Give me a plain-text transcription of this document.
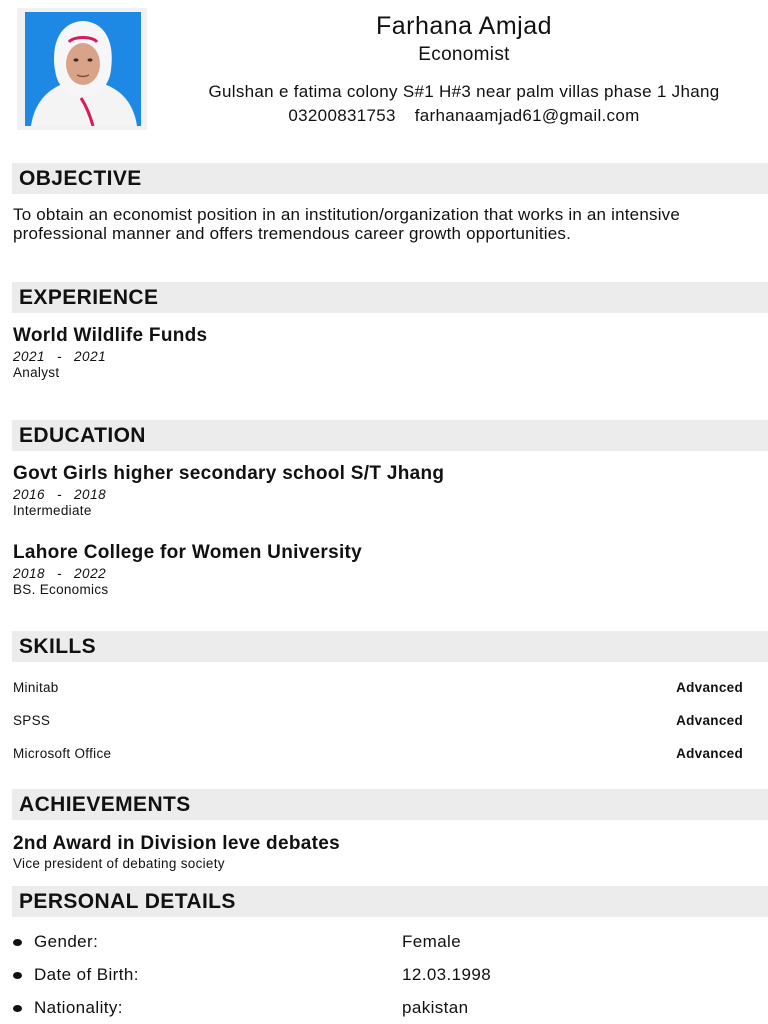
Farhana Amjad
Economist
Gulshan e fatima colony S#1 H#3 near palm villas phase 1 Jhang
03200831753 farhanaamjad61@gmail.com
OBJECTIVE
To obtain an economist position in an institution/organization that works in an intensive professional manner and offers tremendous career growth opportunities.
EXPERIENCE
World Wildlife Funds
2021 - 2021
Analyst
EDUCATION
Govt Girls higher secondary school S/T Jhang
2016 - 2018
Intermediate
Lahore College for Women University
2018 - 2022
BS. Economics
SKILLS
Minitab	Advanced
SPSS	Advanced
Microsoft Office	Advanced
ACHIEVEMENTS
2nd Award in Division leve debates
Vice president of debating society
PERSONAL DETAILS
Gender:	Female
Date of Birth:	12.03.1998
Nationality:	pakistan
